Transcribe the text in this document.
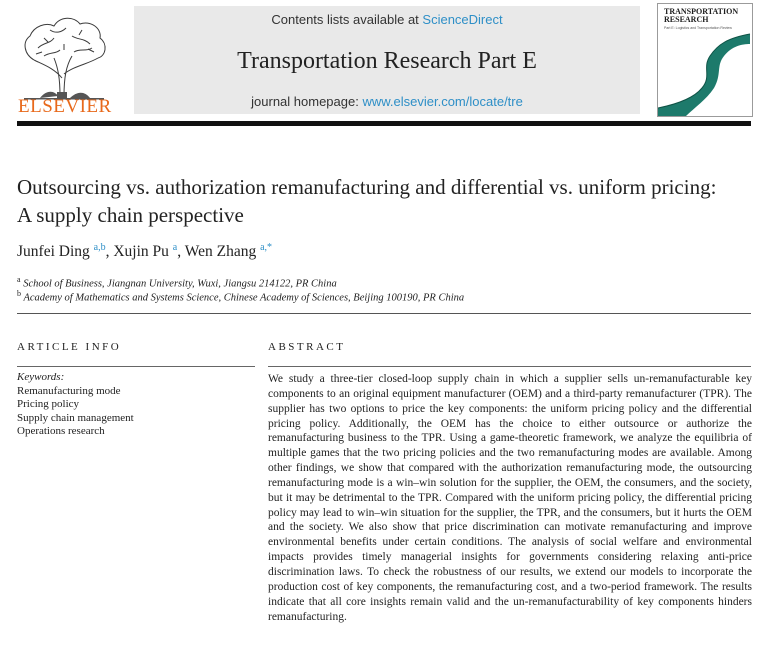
ELSEVIER
Contents lists available at ScienceDirect
Transportation Research Part E
journal homepage: www.elsevier.com/locate/tre
TRANSPORTATION
RESEARCH
Part E: Logistics and Transportation Review
Outsourcing vs. authorization remanufacturing and differential vs. uniform pricing: A supply chain perspective
Junfei Ding $^{a,b}$, Xujin Pu $^a$, Wen Zhang $^{a,*}$
$^a$ School of Business, Jiangnan University, Wuxi, Jiangsu 214122, PR China
$^b$ Academy of Mathematics and Systems Science, Chinese Academy of Sciences, Beijing 100190, PR China
ARTICLE INFO
Keywords:
Remanufacturing mode
Pricing policy
Supply chain management
Operations research
ABSTRACT
We study a three-tier closed-loop supply chain in which a supplier sells un-remanufacturable key components to an original equipment manufacturer (OEM) and a third-party remanufacturer (TPR). The supplier has two options to price the key components: the uniform pricing policy and the differential pricing policy. Additionally, the OEM has the choice to either outsource or authorize the remanufacturing business to the TPR. Using a game-theoretic framework, we analyze the equilibria of multiple games that the two pricing policies and the two remanufacturing modes are available. Among other findings, we show that compared with the authorization remanufacturing mode, the outsourcing remanufacturing mode is a win–win solution for the supplier, the OEM, the consumers, and the society, but it may be detrimental to the TPR. Compared with the uniform pricing policy, the differential pricing policy may lead to win–win situation for the supplier, the TPR, and the consumers, but it hurts the OEM and the society. We also show that price discrimination can motivate remanufacturing and improve environmental benefits under certain conditions. The analysis of social welfare and environmental impacts provides timely managerial insights for governments considering relaxing anti-price discrimination laws. To check the robustness of our results, we extend our models to incorporate the production cost of key components, the remanufacturing cost, and a two-period framework. The results indicate that all core insights remain valid and the un-remanufacturability of key components hinders remanufacturing.
